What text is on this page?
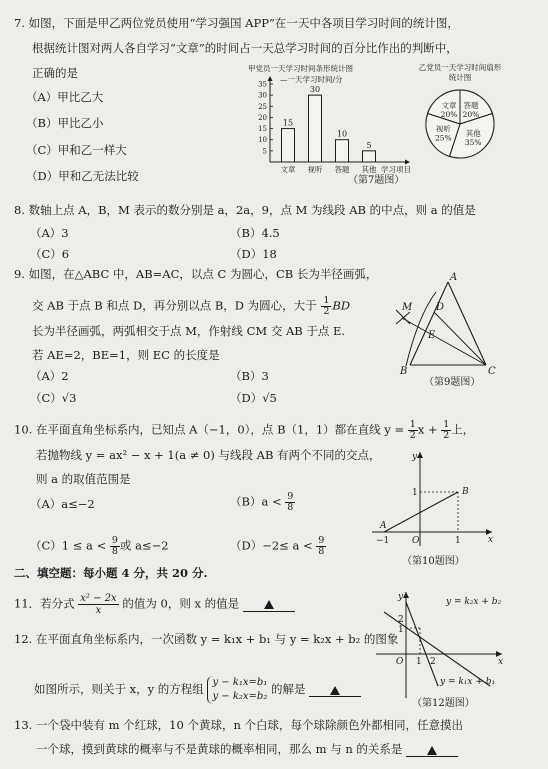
7. 如图，下面是甲乙两位党员使用“学习强国 APP”在一天中各项目学习时间的统计图，
根据统计图对两人各自学习“文章”的时间占一天总学习时间的百分比作出的判断中，
正确的是
（A）甲比乙大
（B）甲比乙小
（C）甲和乙一样大
（D）甲和乙无法比较
甲党员一天学习时间条形统计图
—一天学习时间/分
5
10
15
20
25
30
35
15
文章
30
视听
10
答题
5
其他 学习项目
乙党员一天学习时间扇形
统计图
文章
20%
答题
20%
其他
35%
视听
25%
（第7题图）
8. 数轴上点 A，B，M 表示的数分别是 a，2a，9，点 M 为线段 AB 的中点，则 a 的值是
（A）3	（B）4.5
（C）6	（D）18
9. 如图，在△ABC 中，AB=AC，以点 C 为圆心，CB 长为半径画弧，
交 AB 于点 B 和点 D，再分别以点 B，D 为圆心，大于 $\frac{1}{2}$ BD
长为半径画弧，两弧相交于点 M，作射线 CM 交 AB 于点 E.
若 AE=2，BE=1，则 EC 的长度是
（A）2	（B）3
（C）√3	（D）√5
A
B	C
D
E
M
（第9题图）
10. 在平面直角坐标系内，已知点 A（−1，0），点 B（1，1）都在直线 $y = \frac{1}{2}$ $x + \frac{1}{2}$ 上，
若抛物线 y = ax² − x + 1(a ≠ 0) 与线段 AB 有两个不同的交点，
则 a 的取值范围是
（A）a≤−2	$(B)a < \frac{9}{8}$
$(C)1 \le a < \frac{9}{8}$ 或 a≤−2	$(D)-2\le a < \frac{9}{8}$
y
x
O	1
−1
1
A
B
（第10题图）
二、填空题：每小题 4 分，共 20 分.
11．若分式 $\frac{\text{x² − 2x}}{x}$ 的值为 0，则 x 的值是
12. 在平面直角坐标系内，一次函数 y = k₁x + b₁ 与 y = k₂x + b₂ 的图象
如图所示，则关于 x，y 的方程组 y − k₁x=b₁
y − k₂x=b₂
的解是
y
x
O
2
1
1 2
y = k₂x + b₂
y = k₁x + b₁
（第12题图）
13. 一个袋中装有 m 个红球，10 个黄球，n 个白球，每个球除颜色外都相同，任意摸出
一个球，摸到黄球的概率与不是黄球的概率相同，那么 m 与 n 的关系是
